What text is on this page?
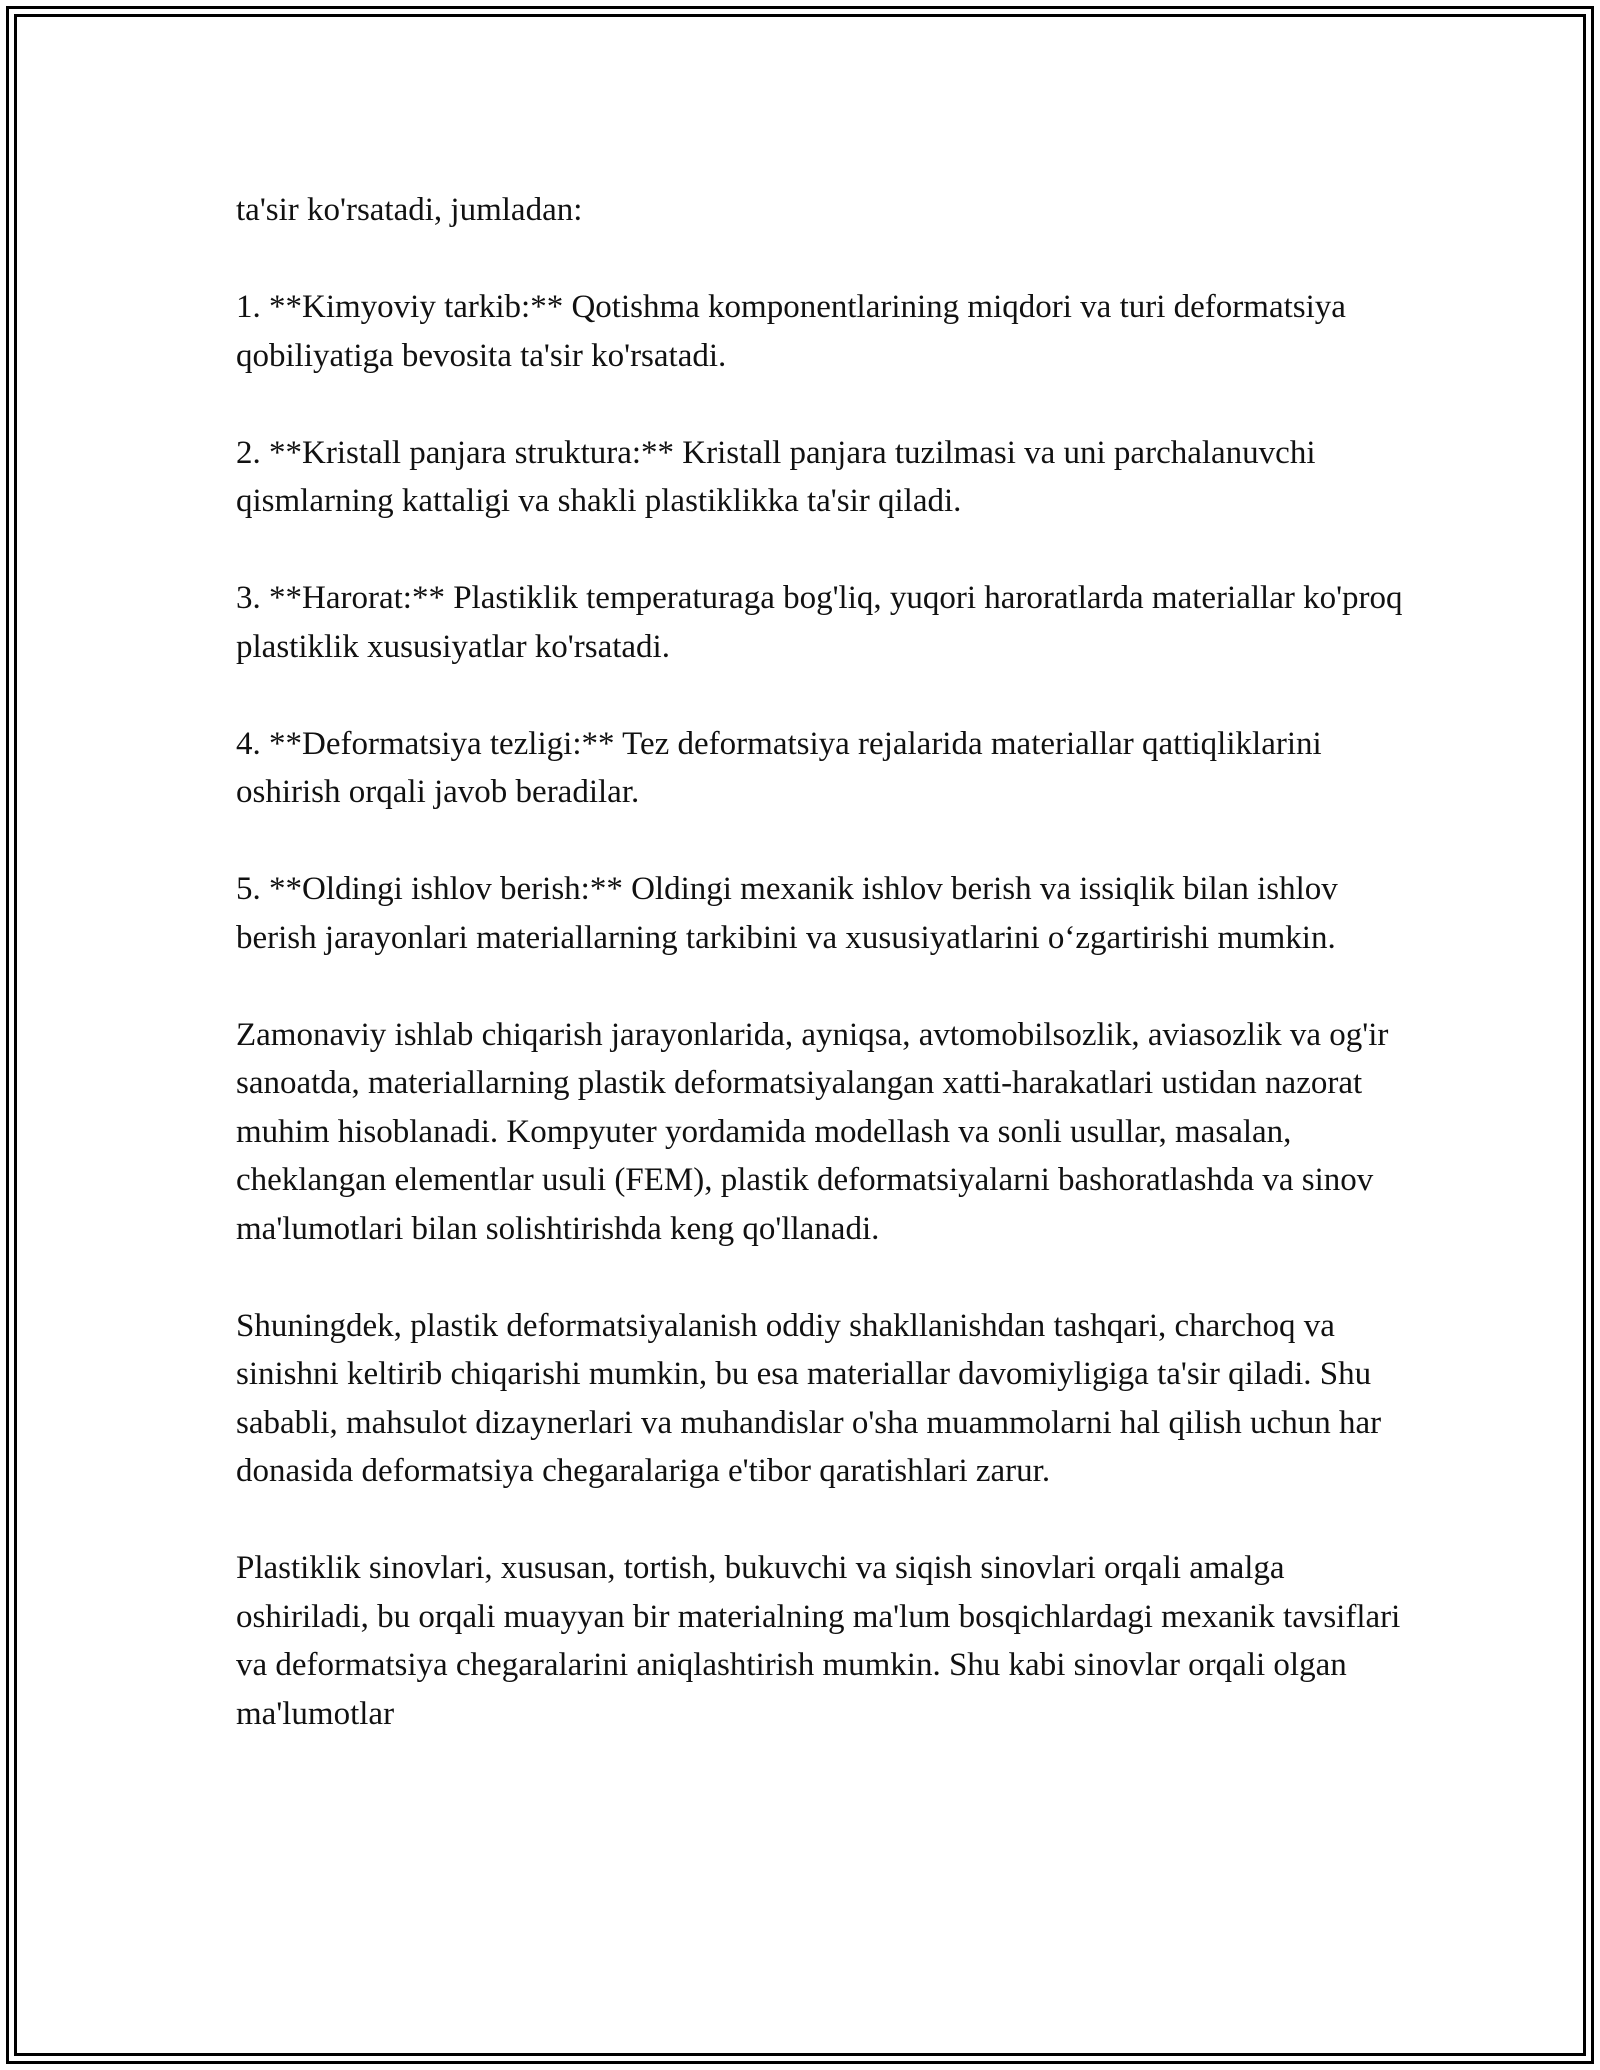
ta'sir ko'rsatadi, jumladan:

1. **Kimyoviy tarkib:** Qotishma komponentlarining miqdori va turi deformatsiya qobiliyatiga bevosita ta'sir ko'rsatadi.

2. **Kristall panjara struktura:** Kristall panjara tuzilmasi va uni parchalanuvchi qismlarning kattaligi va shakli plastiklikka ta'sir qiladi.

3. **Harorat:** Plastiklik temperaturaga bog'liq, yuqori haroratlarda materiallar ko'proq plastiklik xususiyatlar ko'rsatadi.

4. **Deformatsiya tezligi:** Tez deformatsiya rejalarida materiallar qattiqliklarini oshirish orqali javob beradilar.

5. **Oldingi ishlov berish:** Oldingi mexanik ishlov berish va issiqlik bilan ishlov berish jarayonlari materiallarning tarkibini va xususiyatlarini o‘zgartirishi mumkin.

Zamonaviy ishlab chiqarish jarayonlarida, ayniqsa, avtomobilsozlik, aviasozlik va og'ir sanoatda, materiallarning plastik deformatsiyalangan xatti-harakatlari ustidan nazorat muhim hisoblanadi. Kompyuter yordamida modellash va sonli usullar, masalan, cheklangan elementlar usuli (FEM), plastik deformatsiyalarni bashoratlashda va sinov ma'lumotlari bilan solishtirishda keng qo'llanadi.

Shuningdek, plastik deformatsiyalanish oddiy shakllanishdan tashqari, charchoq va sinishni keltirib chiqarishi mumkin, bu esa materiallar davomiyligiga ta'sir qiladi. Shu sababli, mahsulot dizaynerlari va muhandislar o'sha muammolarni hal qilish uchun har donasida deformatsiya chegaralariga e'tibor qaratishlari zarur.

Plastiklik sinovlari, xususan, tortish, bukuvchi va siqish sinovlari orqali amalga oshiriladi, bu orqali muayyan bir materialning ma'lum bosqichlardagi mexanik tavsiflari va deformatsiya chegaralarini aniqlashtirish mumkin. Shu kabi sinovlar orqali olgan ma'lumotlar
